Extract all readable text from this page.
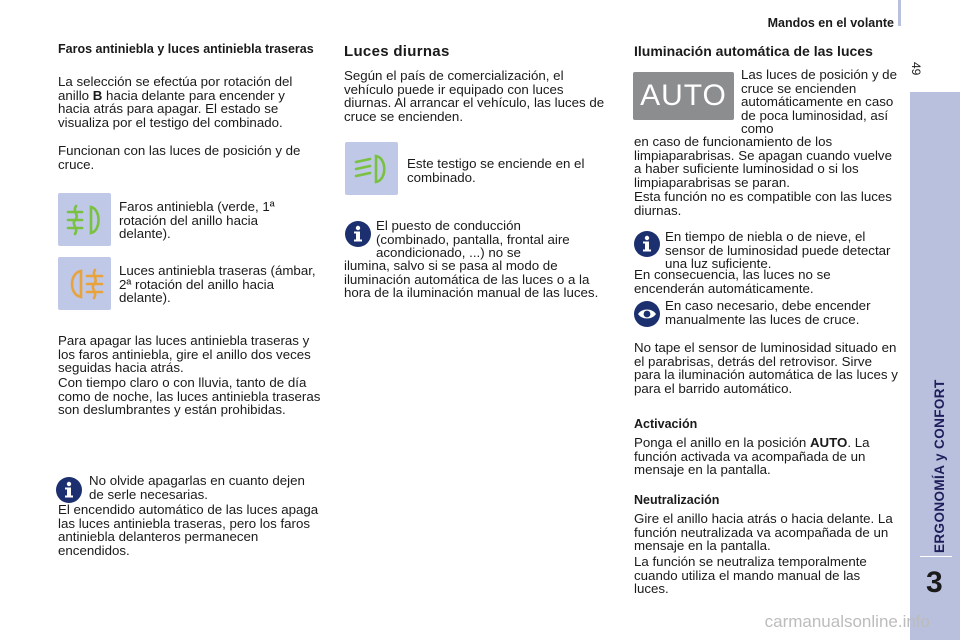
Mandos en el volante
49
ERGONOMÍA y CONFORT
3
Faros antiniebla y luces antiniebla traseras

La selección se efectúa por rotación del anillo B hacia delante para encender y hacia atrás para apagar. El estado se visualiza por el testigo del combinado.

Funcionan con las luces de posición y de cruce.

Faros antiniebla (verde, 1ª rotación del anillo hacia delante).

Luces antiniebla traseras (ámbar, 2ª rotación del anillo hacia delante).

Para apagar las luces antiniebla traseras y los faros antiniebla, gire el anillo dos veces seguidas hacia atrás.

Con tiempo claro o con lluvia, tanto de día como de noche, las luces antiniebla traseras son deslumbrantes y están prohibidas.

No olvide apagarlas en cuanto dejen de serle necesarias.

El encendido automático de las luces apaga las luces antiniebla traseras, pero los faros antiniebla delanteros permanecen encendidos.

Luces diurnas

Según el país de comercialización, el vehículo puede ir equipado con luces diurnas. Al arrancar el vehículo, las luces de cruce se encienden.

Este testigo se enciende en el combinado.

El puesto de conducción (combinado, pantalla, frontal aire acondicionado, ...) no se

ilumina, salvo si se pasa al modo de iluminación automática de las luces o a la hora de la iluminación manual de las luces.

Iluminación automática de las luces
AUTO

Las luces de posición y de cruce se encienden automáticamente en caso de poca luminosidad, así como

en caso de funcionamiento de los limpiaparabrisas. Se apagan cuando vuelve a haber suficiente luminosidad o si los limpiaparabrisas se paran.

Esta función no es compatible con las luces diurnas.

En tiempo de niebla o de nieve, el sensor de luminosidad puede detectar una luz suficiente.

En consecuencia, las luces no se encenderán automáticamente.

En caso necesario, debe encender manualmente las luces de cruce.

No tape el sensor de luminosidad situado en el parabrisas, detrás del retrovisor. Sirve para la iluminación automática de las luces y para el barrido automático.

Activación

Ponga el anillo en la posición AUTO. La función activada va acompañada de un mensaje en la pantalla.

Neutralización

Gire el anillo hacia atrás o hacia delante. La función neutralizada va acompañada de un mensaje en la pantalla.

La función se neutraliza temporalmente cuando utiliza el mando manual de las luces.

carmanualsonline.info
